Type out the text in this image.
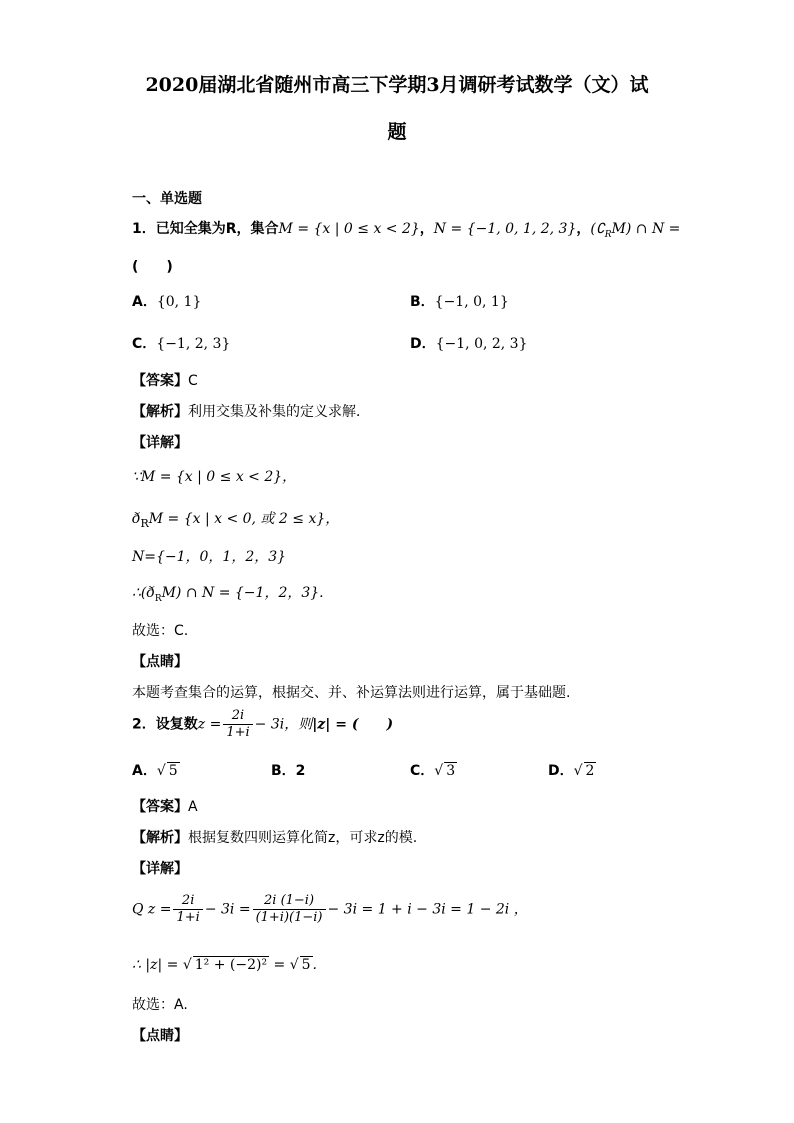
2020届湖北省随州市高三下学期3月调研考试数学（文）试
题
一、单选题
1．已知全集为R，集合M = {x | 0 ≤ x < 2}，N = {−1, 0, 1, 2, 3}，$(∁_RM)$ ∩ N =
(　　)
A．{0, 1}	B．{−1, 0, 1}
C．{−1, 2, 3}	D．{−1, 0, 2, 3}
【答案】C
【解析】利用交集及补集的定义求解．
【详解】
∵M = {x | 0 ≤ x < 2}，
$ð_RM = \{x$ | x < 0, 或 2 ≤ x}，
N={−1，0，1，2，3}
$\therefore(ð_RM)$ ∩ N = {−1，2，3}.
故选：C.
【点睛】
本题考查集合的运算，根据交、并、补运算法则进行运算，属于基础题.
2．设复数$z = \frac{2i}{1+i} - 3i$，则|z| = (　　)
A．√ 5	B．2	C．√ 3	D．√ 2
【答案】A
【解析】根据复数四则运算化简z，可求z的模.
【详解】
Q $z = \frac{2i}{1+i} - 3i = \frac{2i (1-i)}{(1+i)(1-i)} - 3i = 1 + i - 3i = 1 - 2i$ ，
∴ |z| = √ 1² + (−2)² = √ 5 .
故选：A.
【点睛】
